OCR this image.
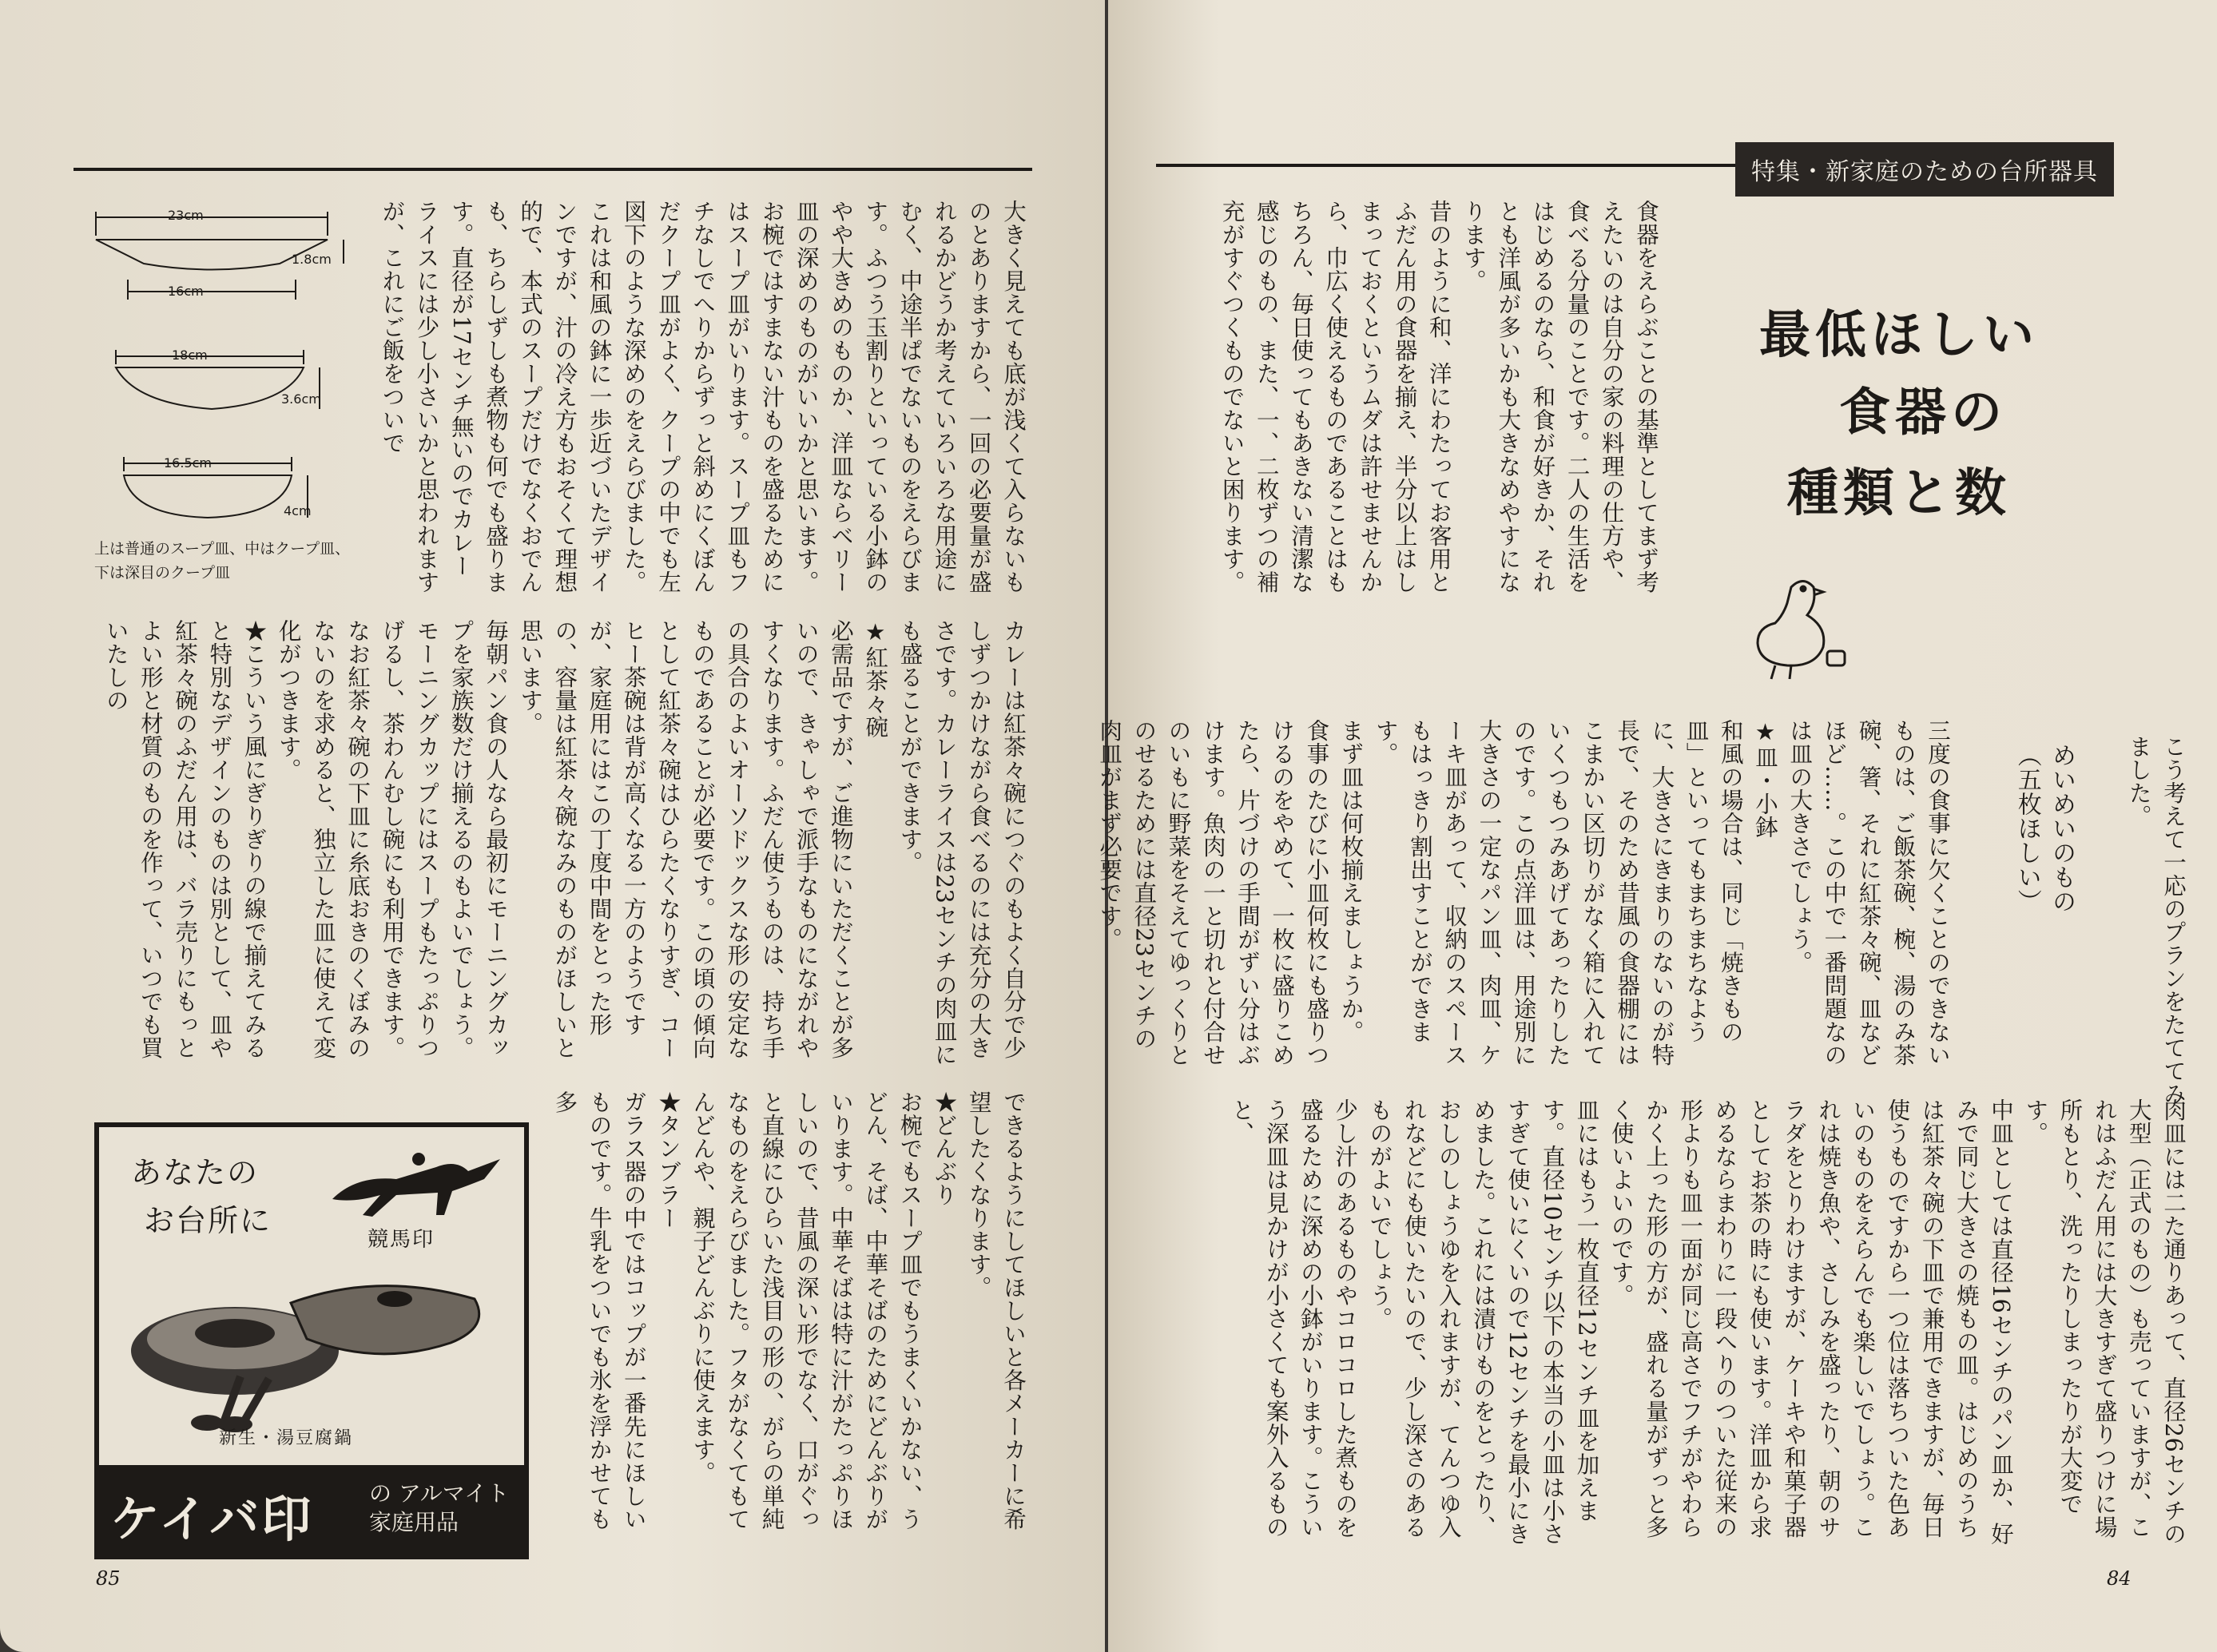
23cm
1.8cm
16cm
18cm
3.6cm
16.5cm
4cm
上は普通のスープ皿、中はクープ皿、下は深目のクープ皿	大きく見えても底が浅くて入らないものとありますから、一回の必要量が盛れるかどうか考えていろいろな用途にむく、中途半ぱでないものをえらびます。ふつう玉割りといっている小鉢のやや大きめのものか、洋皿ならベリー皿の深めのものがいいかと思います。
お椀ではすまない汁ものを盛るためにはスープ皿がいります。スープ皿もフチなしでへりからずっと斜めにくぼんだクープ皿がよく、クープの中でも左図下のような深めのをえらびました。これは和風の鉢に一歩近づいたデザインですが、汁の冷え方もおそくて理想的で、本式のスープだけでなくおでんも、ちらしずしも煮物も何でも盛ります。直径が17センチ無いのでカレーライスには少し小さいかと思われますが、これにご飯をついで
カレーは紅茶々碗につぐのもよく自分で少しずつかけながら食べるのには充分の大きさです。カレーライスは23センチの肉皿にも盛ることができます。
★紅茶々碗
必需品ですが、ご進物にいただくことが多いので、きゃしゃで派手なものにながれやすくなります。ふだん使うものは、持ち手の具合のよいオーソドックスな形の安定なものであることが必要です。この頃の傾向として紅茶々碗はひらたくなりすぎ、コーヒー茶碗は背が高くなる一方のようですが、家庭用にはこの丁度中間をとった形の、容量は紅茶々碗なみのものがほしいと思います。
毎朝パン食の人なら最初にモーニングカップを家族数だけ揃えるのもよいでしょう。モーニングカップにはスープもたっぷりつげるし、茶わんむし碗にも利用できます。
なお紅茶々碗の下皿に糸底おきのくぼみのないのを求めると、独立した皿に使えて変化がつきます。
★こういう風にぎりぎりの線で揃えてみると特別なデザインのものは別として、皿や紅茶々碗のふだん用は、バラ売りにもっとよい形と材質のものを作って、いつでも買いたしの
できるようにしてほしいと各メーカーに希望したくなります。
★どんぶり
お椀でもスープ皿でもうまくいかない、うどん、そば、中華そばのためにどんぶりがいります。中華そばは特に汁がたっぷりほしいので、昔風の深い形でなく、口がぐっと直線にひらいた浅目の形の、がらの単純なものをえらびました。フタがなくてもてんどんや、親子どんぶりに使えます。
★タンブラー
ガラス器の中ではコップが一番先にほしいものです。牛乳をついでも氷を浮かせても多
あなたの
お台所に
競馬印
新生・湯豆腐鍋
ケイバ印 の アルマイト 家庭用品
85
特集・新家庭のための台所器具
食器をえらぶことの基準としてまず考えたいのは自分の家の料理の仕方や、食べる分量のことです。二人の生活をはじめるのなら、和食が好きか、それとも洋風が多いかも大きなめやすになります。
昔のように和、洋にわたってお客用とふだん用の食器を揃え、半分以上はしまっておくというムダは許せませんから、巾広く使えるものであることはもちろん、毎日使ってもあきない清潔な感じのもの、また、一、二枚ずつの補充がすぐつくものでないと困ります。	最低ほしい
食器の
種類と数
こう考えて一応のプランをたててみました。
めいめいのもの
（五枚ほしい）
三度の食事に欠くことのできないものは、ご飯茶碗、椀、湯のみ茶碗、箸、それに紅茶々碗、皿などほど……。この中で一番問題なのは皿の大きさでしょう。
★皿・小鉢
和風の場合は、同じ「焼きもの皿」といってもまちまちなように、大きさにきまりのないのが特長で、そのため昔風の食器棚にはこまかい区切りがなく箱に入れていくつもつみあげてあったりしたのです。この点洋皿は、用途別に大きさの一定なパン皿、肉皿、ケーキ皿があって、収納のスペースもはっきり割出すことができます。
まず皿は何枚揃えましょうか。
食事のたびに小皿何枚にも盛りつけるのをやめて、一枚に盛りこめたら、片づけの手間がずい分はぶけます。魚肉の一と切れと付合せのいもに野菜をそえてゆっくりとのせるためには直径23センチの肉皿がまず必要です。
肉皿には二た通りあって、直径26センチの大型（正式のもの）も売っていますが、これはふだん用には大きすぎて盛りつけに場所もとり、洗ったりしまったりが大変です。
中皿としては直径16センチのパン皿か、好みで同じ大きさの焼もの皿。はじめのうちは紅茶々碗の下皿で兼用できますが、毎日使うものですから一つ位は落ちついた色あいのものをえらんでも楽しいでしょう。これは焼き魚や、さしみを盛ったり、朝のサラダをとりわけますが、ケーキや和菓子器としてお茶の時にも使います。洋皿から求めるならまわりに一段へりのついた従来の形よりも皿一面が同じ高さでフチがやわらかく上った形の方が、盛れる量がずっと多く使いよいのです。
皿にはもう一枚直径12センチ皿を加えます。直径10センチ以下の本当の小皿は小さすぎて使いにくいので12センチを最小にきめました。これには漬けものをとったり、おしのしょうゆを入れますが、てんつゆ入れなどにも使いたいので、少し深さのあるものがよいでしょう。
少し汁のあるものやコロコロした煮ものを盛るために深めの小鉢がいります。こういう深皿は見かけが小さくても案外入るものと、
84
